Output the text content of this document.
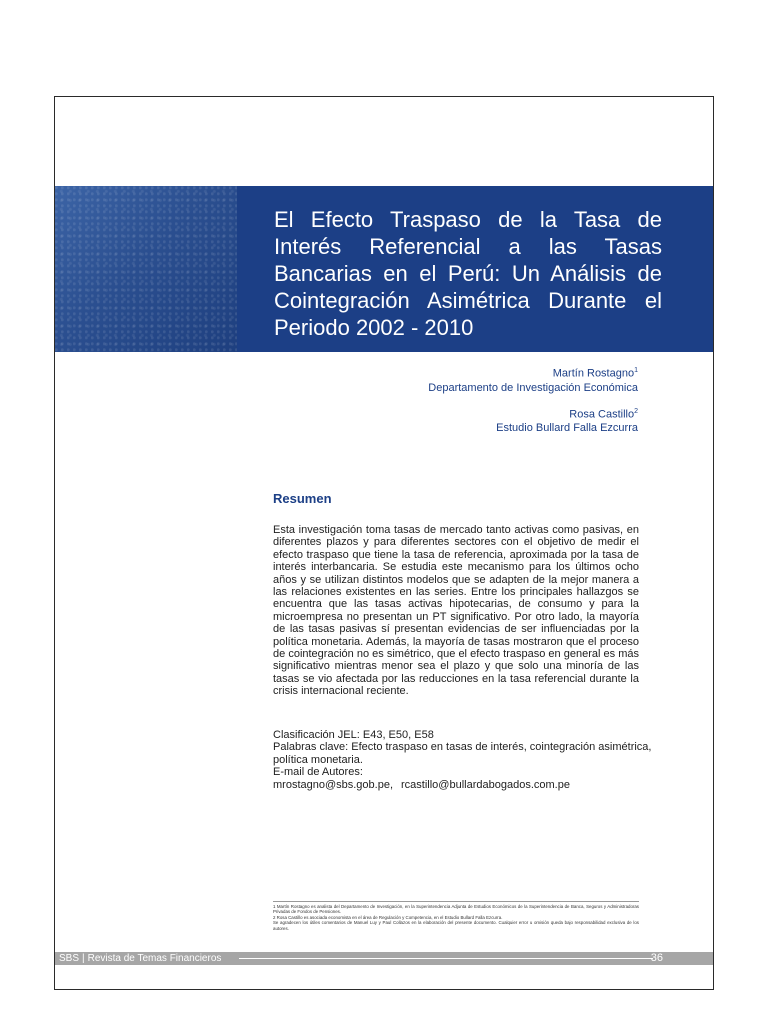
El Efecto Traspaso de la Tasa de Interés Referencial a las Tasas Bancarias en el Perú: Un Análisis de Cointegración Asimétrica Durante el Periodo 2002 - 2010
Martín Rostagno$^1$
Departamento de Investigación Económica
Rosa Castillo$^2$
Estudio Bullard Falla Ezcurra
Resumen

Esta investigación toma tasas de mercado tanto activas como pasivas, en diferentes plazos y para diferentes sectores con el objetivo de medir el efecto traspaso que tiene la tasa de referencia, aproximada por la tasa de interés interbancaria. Se estudia este mecanismo para los últimos ocho años y se utilizan distintos modelos que se adapten de la mejor manera a las relaciones existentes en las series. Entre los principales hallazgos se encuentra que las tasas activas hipotecarias, de consumo y para la microempresa no presentan un PT significativo. Por otro lado, la mayoría de las tasas pasivas sí presentan evidencias de ser influenciadas por la política monetaria. Además, la mayoría de tasas mostraron que el proceso de cointegración no es simétrico, que el efecto traspaso en general es más significativo mientras menor sea el plazo y que solo una minoría de las tasas se vio afectada por las reducciones en la tasa referencial durante la crisis internacional reciente.

Clasificación JEL: E43, E50, E58
Palabras clave: Efecto traspaso en tasas de interés, cointegración asimétrica, política monetaria.
E-mail de Autores:
mrostagno@sbs.gob.pe, rcastillo@bullardabogados.com.pe
1 Martín Rostagno es analista del Departamento de Investigación, en la Superintendencia Adjunta de Estudios Económicos de la Superintendencia de Banca, Seguros y Administradoras Privadas de Fondos de Pensiones.
2 Rosa Castillo es asociada economista en el área de Regulación y Competencia, en el Estudio Bullard Falla Ezcurra.
Se agradecen los útiles comentarios de Manuel Luy y Paul Collazos en la elaboración del presente documento. Cualquier error u omisión queda bajo responsabilidad exclusiva de los autores.
SBS | Revista de Temas Financieros	36
